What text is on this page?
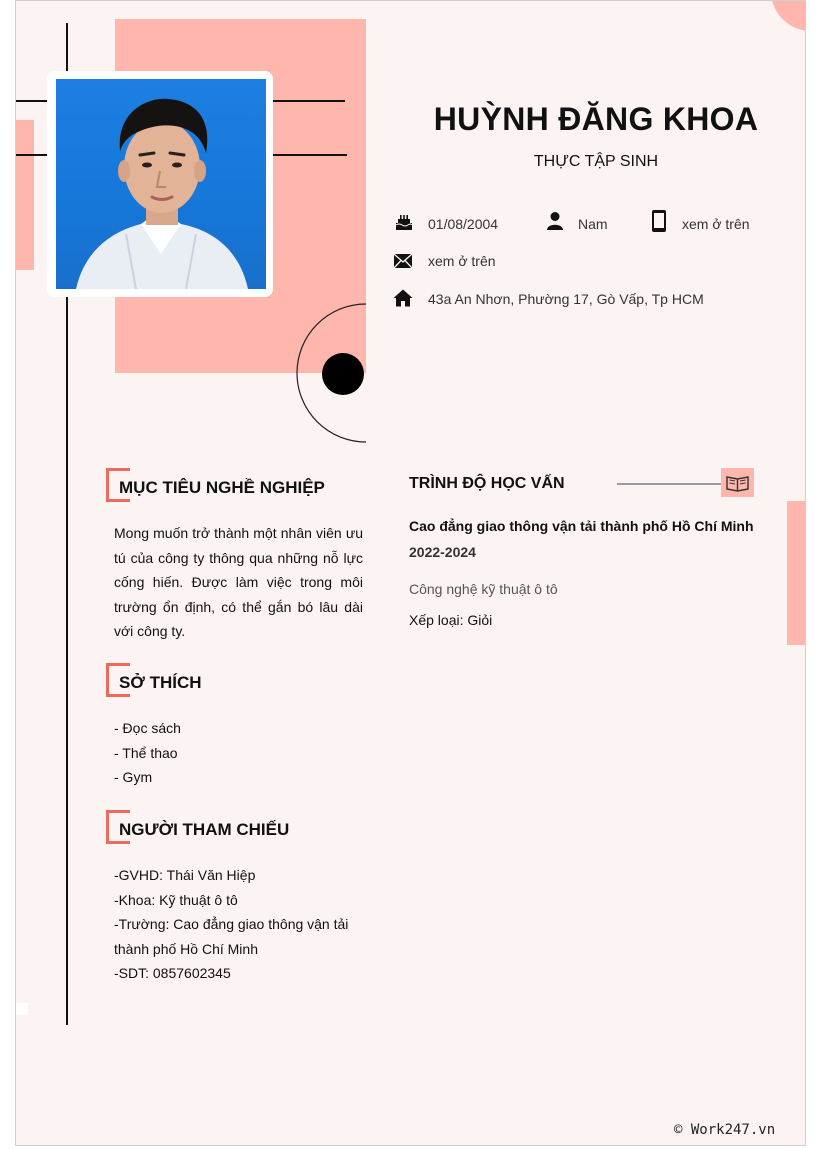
HUỲNH ĐĂNG KHOA
THỰC TẬP SINH
01/08/2004	Nam	xem ở trên
xem ở trên
43a An Nhơn, Phường 17, Gò Vấp, Tp HCM
MỤC TIÊU NGHỀ NGHIỆP
Mong muốn trở thành một nhân viên ưu tú của công ty thông qua những nỗ lực cống hiến. Được làm việc trong môi trường ổn định, có thể gắn bó lâu dài với công ty.
SỞ THÍCH
- Đọc sách
- Thể thao
- Gym
NGƯỜI THAM CHIẾU
-GVHD: Thái Văn Hiệp
-Khoa: Kỹ thuật ô tô
-Trường: Cao đẳng giao thông vận tải thành phố Hồ Chí Minh
-SDT: 0857602345
TRÌNH ĐỘ HỌC VẤN
Cao đẳng giao thông vận tải thành phố Hồ Chí Minh
2022-2024
Công nghệ kỹ thuật ô tô
Xếp loại: Giỏi
© Work247.vn
